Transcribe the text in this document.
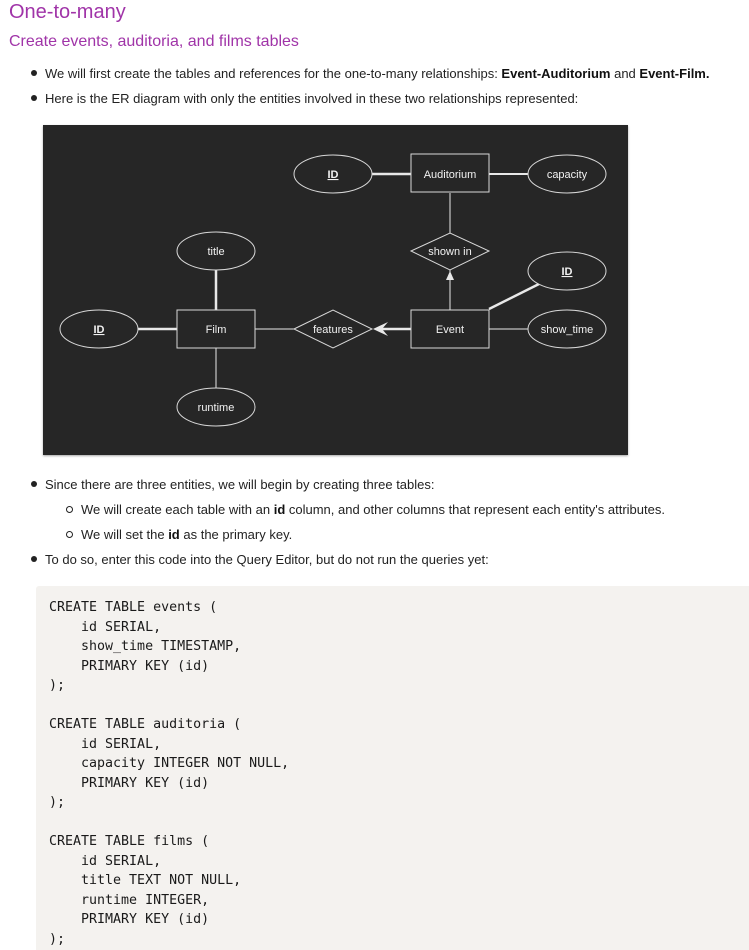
One-to-many
Create events, auditoria, and films tables
We will first create the tables and references for the one-to-many relationships: Event-Auditorium and Event-Film.
Here is the ER diagram with only the entities involved in these two relationships represented:
Auditorium
Film	Event
ID	capacity
title
ID
runtime
ID
show_time
shown in
features
Since there are three entities, we will begin by creating three tables:
We will create each table with an id column, and other columns that represent each entity's attributes.
We will set the id as the primary key.
To do so, enter this code into the Query Editor, but do not run the queries yet:
CREATE TABLE events (
id SERIAL,
show_time TIMESTAMP,
PRIMARY KEY (id)
);
CREATE TABLE auditoria (
id SERIAL,
capacity INTEGER NOT NULL,
PRIMARY KEY (id)
);
CREATE TABLE films (
id SERIAL,
title TEXT NOT NULL,
runtime INTEGER,
PRIMARY KEY (id)
);
